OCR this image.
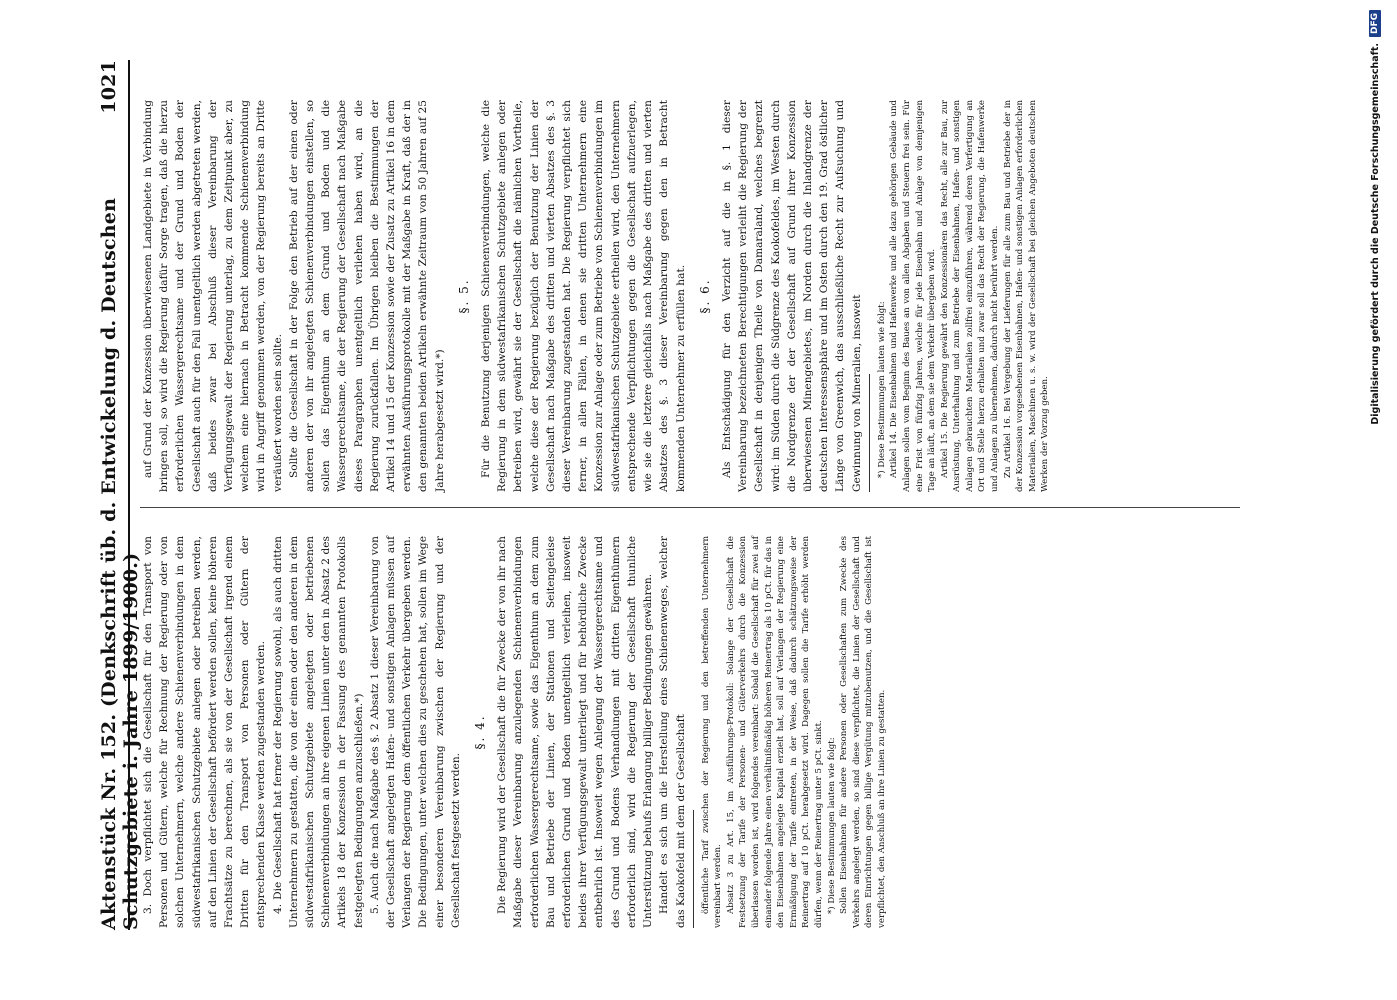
Aktenstück Nr. 152. (Denkschrift üb. d. Entwickelung d. Deutschen Schutzgebiete i. Jahre 1899/1900.)
1021

3. Doch verpflichtet sich die Gesellschaft für den Transport von Personen und Gütern, welche für Rechnung der Regierung oder von solchen Unternehmern, welche andere Schienenverbindungen in dem südwestafrikanischen Schutzgebiete anlegen oder betreiben werden, auf den Linien der Gesellschaft befördert werden sollen, keine höheren Frachtsätze zu berechnen, als sie von der Gesellschaft irgend einem Dritten für den Transport von Personen oder Gütern der entsprechenden Klasse werden zugestanden werden. 4. Die Gesellschaft hat ferner der Regierung sowohl, als auch dritten Unternehmern zu gestatten, die von der einen oder den anderen in dem südwestafrikanischen Schutzgebiete angelegten oder betriebenen Schienenverbindungen an ihre eigenen Linien unter den in Absatz 2 des Artikels 18 der Konzession in der Fassung des genannten Protokolls festgelegten Bedingungen anzuschließen.*) 5. Auch die nach Maßgabe des §. 2 Absatz 1 dieser Vereinbarung von der Gesellschaft angelegten Hafen- und sonstigen Anlagen müssen auf Verlangen der Regierung dem öffentlichen Verkehr übergeben werden. Die Bedingungen, unter welchen dies zu geschehen hat, sollen im Wege einer besonderen Vereinbarung zwischen der Regierung und der Gesellschaft festgesetzt werden.

§. 4. Die Regierung wird der Gesellschaft die für Zwecke der von ihr nach Maßgabe dieser Vereinbarung anzulegenden Schienenverbindungen erforderlichen Wassergerechtsame, sowie das Eigenthum an dem zum Bau und Betriebe der Linien, der Stationen und Seitengeleise erforderlichen Grund und Boden unentgeltlich verleihen, insoweit beides ihrer Verfügungsgewalt unterliegt und für behördliche Zwecke entbehrlich ist. Insoweit wegen Anlegung der Wassergerechtsame und des Grund und Bodens Verhandlungen mit dritten Eigenthümern erforderlich sind, wird die Regierung der Gesellschaft thunliche Unterstützung behufs Erlangung billiger Bedingungen gewähren. Handelt es sich um die Herstellung eines Schienenweges, welcher das Kaokofeld mit dem der Gesellschaft öffentliche Tarif zwischen der Regierung und den betreffenden Unternehmern vereinbart werden. Absatz 3 zu Art. 15, im Ausführungs-Protokoll: Solange der Gesellschaft die Festsetzung der Tarife der Personen- und Güterverkehrs durch die Konzession überlassen worden ist, wird folgendes vereinbart: Sobald die Gesellschaft für zwei auf einander folgende Jahre einen verhältnißmäßig höheren Reinertrag als 10 pCt. für das in den Eisenbahnen angelegte Kapital erzielt hat, soll auf Verlangen der Regierung eine Ermäßigung der Tarife eintreten, in der Weise, daß dadurch schätzungsweise der Reinertrag auf 10 pCt. herabgesetzt wird. Dagegen sollen die Tarife erhöht werden dürfen, wenn der Reinertrag unter 5 pCt. sinkt. *) Diese Bestimmungen lauten wie folgt: Sollen Eisenbahnen für andere Personen oder Gesellschaften zum Zwecke des Verkehrs angelegt werden, so sind diese verpflichtet, die Linien der Gesellschaft und deren Einrichtungen gegen billige Vergütung mitzubenutzen, und die Gesellschaft ist verpflichtet, den Anschluß an ihre Linien zu gestatten.

auf Grund der Konzession überwiesenen Landgebiete in Verbindung bringen soll, so wird die Regierung dafür Sorge tragen, daß die hierzu erforderlichen Wassergerechtsame und der Grund und Boden der Gesellschaft auch für den Fall unentgeltlich werden abgetreten werden, daß beides zwar bei Abschluß dieser Vereinbarung der Verfügungsgewalt der Regierung unterlag, zu dem Zeitpunkt aber, zu welchem eine hiernach in Betracht kommende Schienenverbindung wird in Angriff genommen werden, von der Regierung bereits an Dritte veräußert worden sein sollte. Sollte die Gesellschaft in der Folge den Betrieb auf der einen oder anderen der von ihr angelegten Schienenverbindungen einstellen, so sollen das Eigenthum an dem Grund und Boden und die Wassergerechtsame, die der Regierung der Gesellschaft nach Maßgabe dieses Paragraphen unentgeltlich verliehen haben wird, an die Regierung zurückfallen. Im Übrigen bleiben die Bestimmungen der Artikel 14 und 15 der Konzession sowie der Zusatz zu Artikel 16 in dem erwähnten Ausführungsprotokolle mit der Maßgabe in Kraft, daß der in den genannten beiden Artikeln erwähnte Zeitraum von 50 Jahren auf 25 Jahre herabgesetzt wird.*)

§. 5. Für die Benutzung derjenigen Schienenverbindungen, welche die Regierung in dem südwestafrikanischen Schutzgebiete anlegen oder betreiben wird, gewährt sie der Gesellschaft die nämlichen Vortheile, welche diese der Regierung bezüglich der Benutzung der Linien der Gesellschaft nach Maßgabe des dritten und vierten Absatzes des §. 3 dieser Vereinbarung zugestanden hat. Die Regierung verpflichtet sich ferner, in allen Fällen, in denen sie dritten Unternehmern eine Konzession zur Anlage oder zum Betriebe von Schienenverbindungen im südwestafrikanischen Schutzgebiete ertheilen wird, den Unternehmern entsprechende Verpflichtungen gegen die Gesellschaft aufzuerlegen, wie sie die letztere gleichfalls nach Maßgabe des dritten und vierten Absatzes des §. 3 dieser Vereinbarung gegen den in Betracht kommenden Unternehmer zu erfüllen hat. §. 6. Als Entschädigung für den Verzicht auf die in §. 1 dieser Vereinbarung bezeichneten Berechtigungen verleiht die Regierung der Gesellschaft in denjenigen Theile von Damaraland, welches begrenzt wird: im Süden durch die Südgrenze des Kaokofeldes, im Westen durch die Nordgrenze der der Gesellschaft auf Grund ihrer Konzession überwiesenen Minengebietes, im Norden durch die Inlandgrenze der deutschen Interessensphäre und im Osten durch den 19. Grad östlicher Länge von Greenwich, das ausschließliche Recht zur Aufsuchung und Gewinnung von Mineralien, insoweit *) Diese Bestimmungen lauten wie folgt: Artikel 14. Die Eisenbahnen und Hafenwerke und alle dazu gehörigen Gebäude und Anlagen sollen vom Beginn des Baues an von allen Abgaben und Steuern frei sein. Für eine Frist von fünfzig Jahren, welche für jede Eisenbahn und Anlage von demjenigen Tage an läuft, an dem sie dem Verkehr übergeben wird. Artikel 15. Die Regierung gewährt den Konzessionären das Recht, alle zur Bau, zur Ausrüstung, Unterhaltung und zum Betriebe der Eisenbahnen, Hafen- und sonstigen Anlagen gebrauchten Materialien zollfrei einzuführen, während deren Verfertigung an Ort und Stelle hierzu erhalten und zwar soll das Recht der Regierung, die Hafenwerke und Anlagen zu übernehmen, dadurch nicht berührt werden. Zu Artikel 16. Bei Vergebung der Lieferungen für alle zum Bau und Betriebe der in der Konzession vorgesehenen Eisenbahnen, Hafen- und sonstigen Anlagen erforderlichen Materialien, Maschinen u. s. w. wird der Gesellschaft bei gleichen Angeboten deutschen Werken der Vorzug geben.

Digitalisierung gefördert durch die Deutsche Forschungsgemeinschaft.
DFG
